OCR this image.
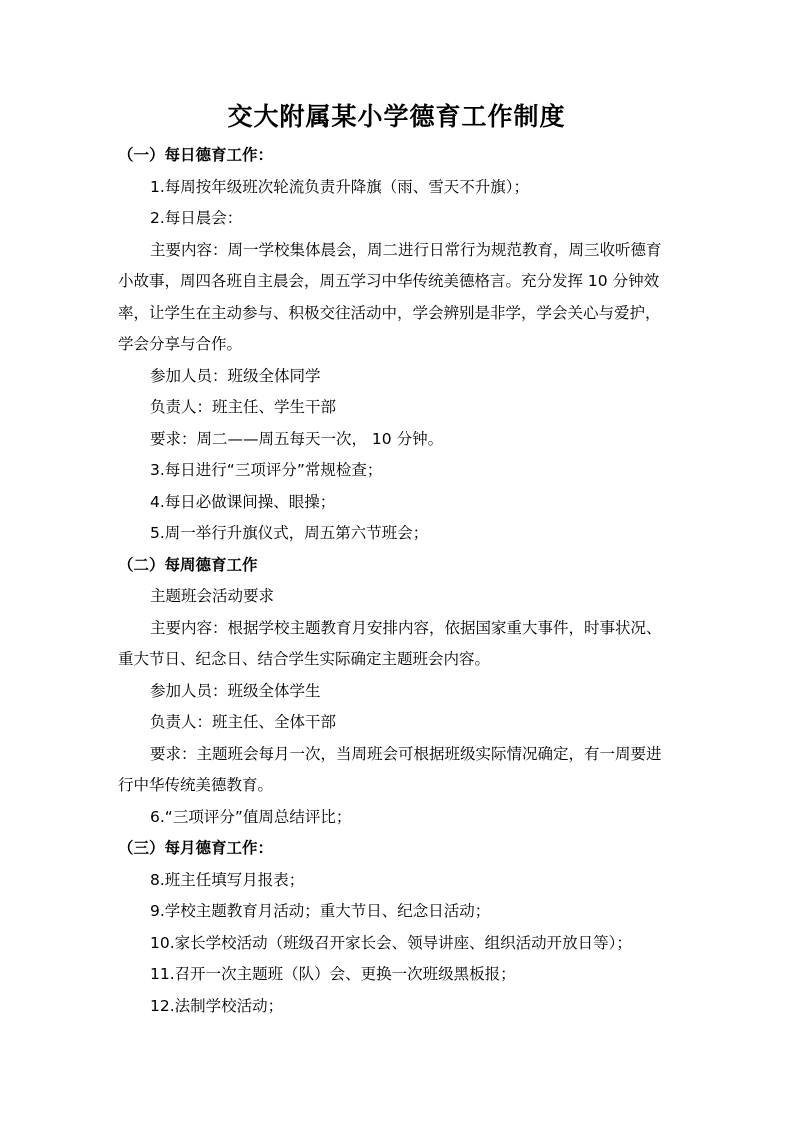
交大附属某小学德育工作制度
（一）每日德育工作：
1.每周按年级班次轮流负责升降旗（雨、雪天不升旗）；
2.每日晨会：
主要内容：周一学校集体晨会，周二进行日常行为规范教育，周三收听德育
小故事，周四各班自主晨会，周五学习中华传统美德格言。充分发挥 10 分钟效
率，让学生在主动参与、积极交往活动中，学会辨别是非学，学会关心与爱护，
学会分享与合作。
参加人员：班级全体同学
负责人：班主任、学生干部
要求：周二——周五每天一次， 10 分钟。
3.每日进行“三项评分”常规检查；
4.每日必做课间操、眼操；
5.周一举行升旗仪式，周五第六节班会；
（二）每周德育工作
主题班会活动要求
主要内容：根据学校主题教育月安排内容，依据国家重大事件，时事状况、
重大节日、纪念日、结合学生实际确定主题班会内容。
参加人员：班级全体学生
负责人：班主任、全体干部
要求：主题班会每月一次，当周班会可根据班级实际情况确定，有一周要进
行中华传统美德教育。
6.“三项评分”值周总结评比；
（三）每月德育工作：
8.班主任填写月报表；
9.学校主题教育月活动；重大节日、纪念日活动；
10.家长学校活动（班级召开家长会、领导讲座、组织活动开放日等）；
11.召开一次主题班（队）会、更换一次班级黑板报；
12.法制学校活动；
